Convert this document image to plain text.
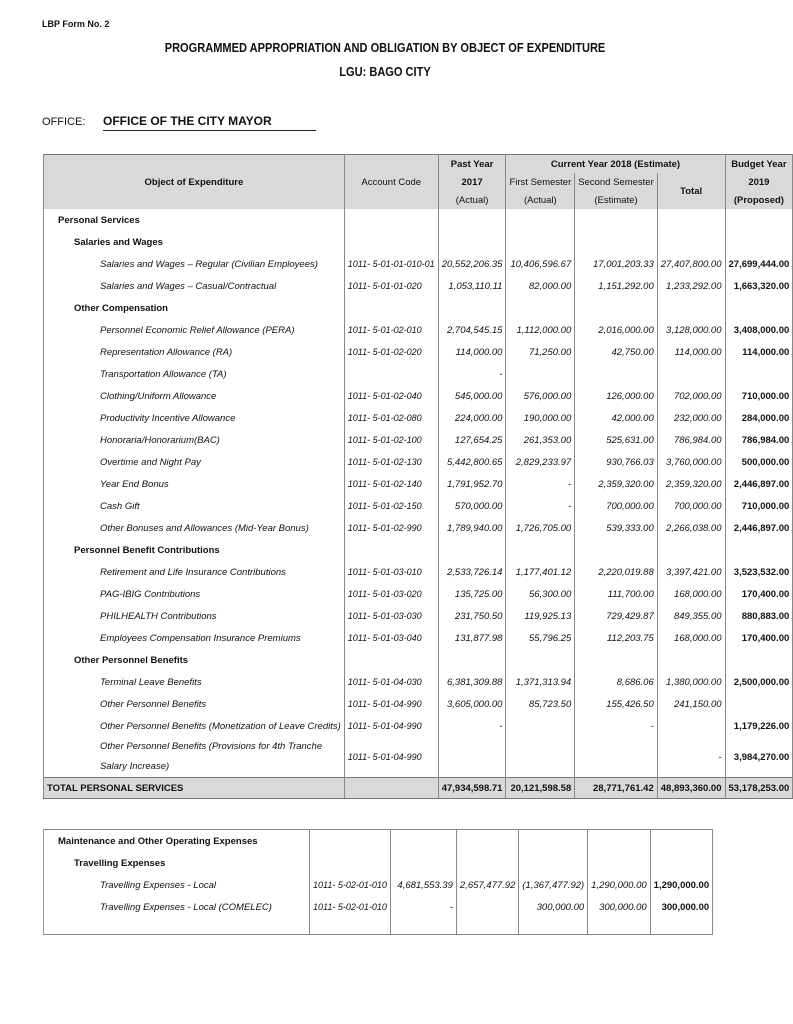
LBP Form No. 2
PROGRAMMED APPROPRIATION AND OBLIGATION BY OBJECT OF EXPENDITURE
LGU: BAGO CITY
OFFICE: OFFICE OF THE CITY MAYOR
Object of Expenditure	Account Code	Past Year	Current Year 2018 (Estimate)			Budget Year
		2017	First Semester	Second Semester	Total	2019
		(Actual)	(Actual)	(Estimate)		(Proposed)
Personal Services						
Salaries and Wages						
Salaries and Wages – Regular (Civilian Employees)	1011- 5-01-01-010-01	20,552,206.35	10,406,596.67	17,001,203.33	27,407,800.00	27,699,444.00
Salaries and Wages – Casual/Contractual	1011- 5-01-01-020	1,053,110.11	82,000.00	1,151,292.00	1,233,292.00	1,663,320.00
Other Compensation						
Personnel Economic Relief Allowance (PERA)	1011- 5-01-02-010	2,704,545.15	1,112,000.00	2,016,000.00	3,128,000.00	3,408,000.00
Representation Allowance (RA)	1011- 5-01-02-020	114,000.00	71,250.00	42,750.00	114,000.00	114,000.00
Transportation Allowance (TA)		-				
Clothing/Uniform Allowance	1011- 5-01-02-040	545,000.00	576,000.00	126,000.00	702,000.00	710,000.00
Productivity Incentive Allowance	1011- 5-01-02-080	224,000.00	190,000.00	42,000.00	232,000.00	284,000.00
Honoraria/Honorarium(BAC)	1011- 5-01-02-100	127,654.25	261,353.00	525,631.00	786,984.00	786,984.00
Overtime and Night Pay	1011- 5-01-02-130	5,442,800.65	2,829,233.97	930,766.03	3,760,000.00	500,000.00
Year End Bonus	1011- 5-01-02-140	1,791,952.70	-	2,359,320.00	2,359,320.00	2,446,897.00
Cash Gift	1011- 5-01-02-150	570,000.00	-	700,000.00	700,000.00	710,000.00
Other Bonuses and Allowances (Mid-Year Bonus)	1011- 5-01-02-990	1,789,940.00	1,726,705.00	539,333.00	2,266,038.00	2,446,897.00
Personnel Benefit Contributions						
Retirement and Life Insurance Contributions	1011- 5-01-03-010	2,533,726.14	1,177,401.12	2,220,019.88	3,397,421.00	3,523,532.00
PAG-IBIG Contributions	1011- 5-01-03-020	135,725.00	56,300.00	111,700.00	168,000.00	170,400.00
PHILHEALTH Contributions	1011- 5-01-03-030	231,750.50	119,925.13	729,429.87	849,355.00	880,883.00
Employees Compensation Insurance Premiums	1011- 5-01-03-040	131,877.98	55,796.25	112,203.75	168,000.00	170,400.00
Other Personnel Benefits						
Terminal Leave Benefits	1011- 5-01-04-030	6,381,309.88	1,371,313.94	8,686.06	1,380,000.00	2,500,000.00
Other Personnel Benefits	1011- 5-01-04-990	3,605,000.00	85,723.50	155,426.50	241,150.00	
Other Personnel Benefits (Monetization of Leave Credits)	1011- 5-01-04-990	-		-		1,179,226.00
Other Personnel Benefits (Provisions for 4th Tranche Salary Increase)	1011- 5-01-04-990				-	3,984,270.00
TOTAL PERSONAL SERVICES		47,934,598.71	20,121,598.58	28,771,761.42	48,893,360.00	53,178,253.00
Maintenance and Other Operating Expenses						
Travelling Expenses						
Travelling Expenses - Local	1011- 5-02-01-010	4,681,553.39	2,657,477.92	(1,367,477.92)	1,290,000.00	1,290,000.00
Travelling Expenses - Local (COMELEC)	1011- 5-02-01-010	-		300,000.00	300,000.00	300,000.00
